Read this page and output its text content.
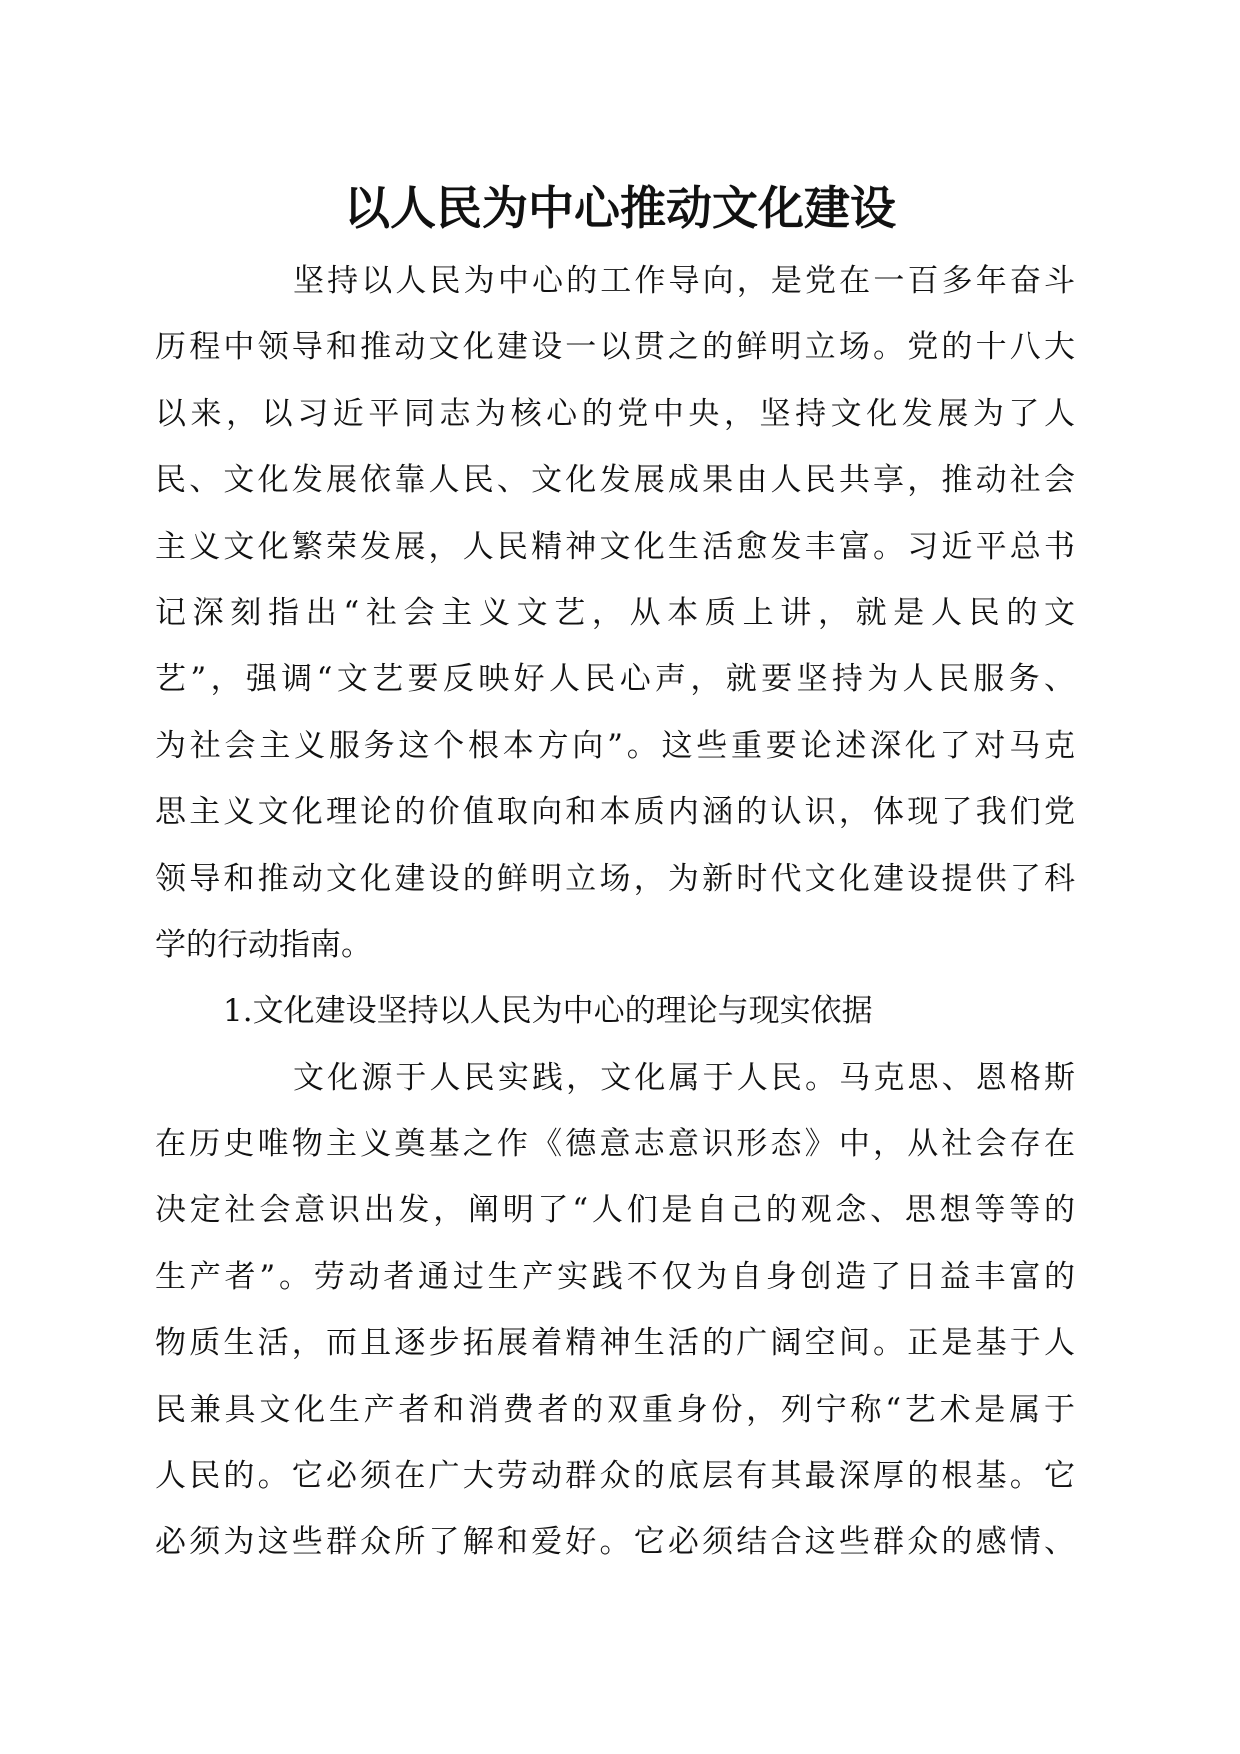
以人民为中心推动文化建设
坚持以人民为中心的工作导向，是党在一百多年奋斗
历程中领导和推动文化建设一以贯之的鲜明立场。党的十八大
以来，以习近平同志为核心的党中央，坚持文化发展为了人
民、文化发展依靠人民、文化发展成果由人民共享，推动社会
主义文化繁荣发展，人民精神文化生活愈发丰富。习近平总书
记深刻指出“社会主义文艺，从本质上讲，就是人民的文
艺”，强调“文艺要反映好人民心声，就要坚持为人民服务、
为社会主义服务这个根本方向”。这些重要论述深化了对马克
思主义文化理论的价值取向和本质内涵的认识，体现了我们党
领导和推动文化建设的鲜明立场，为新时代文化建设提供了科
学的行动指南。
1.文化建设坚持以人民为中心的理论与现实依据
文化源于人民实践，文化属于人民。马克思、恩格斯
在历史唯物主义奠基之作《德意志意识形态》中，从社会存在
决定社会意识出发，阐明了“人们是自己的观念、思想等等的
生产者”。劳动者通过生产实践不仅为自身创造了日益丰富的
物质生活，而且逐步拓展着精神生活的广阔空间。正是基于人
民兼具文化生产者和消费者的双重身份，列宁称“艺术是属于
人民的。它必须在广大劳动群众的底层有其最深厚的根基。它
必须为这些群众所了解和爱好。它必须结合这些群众的感情、
